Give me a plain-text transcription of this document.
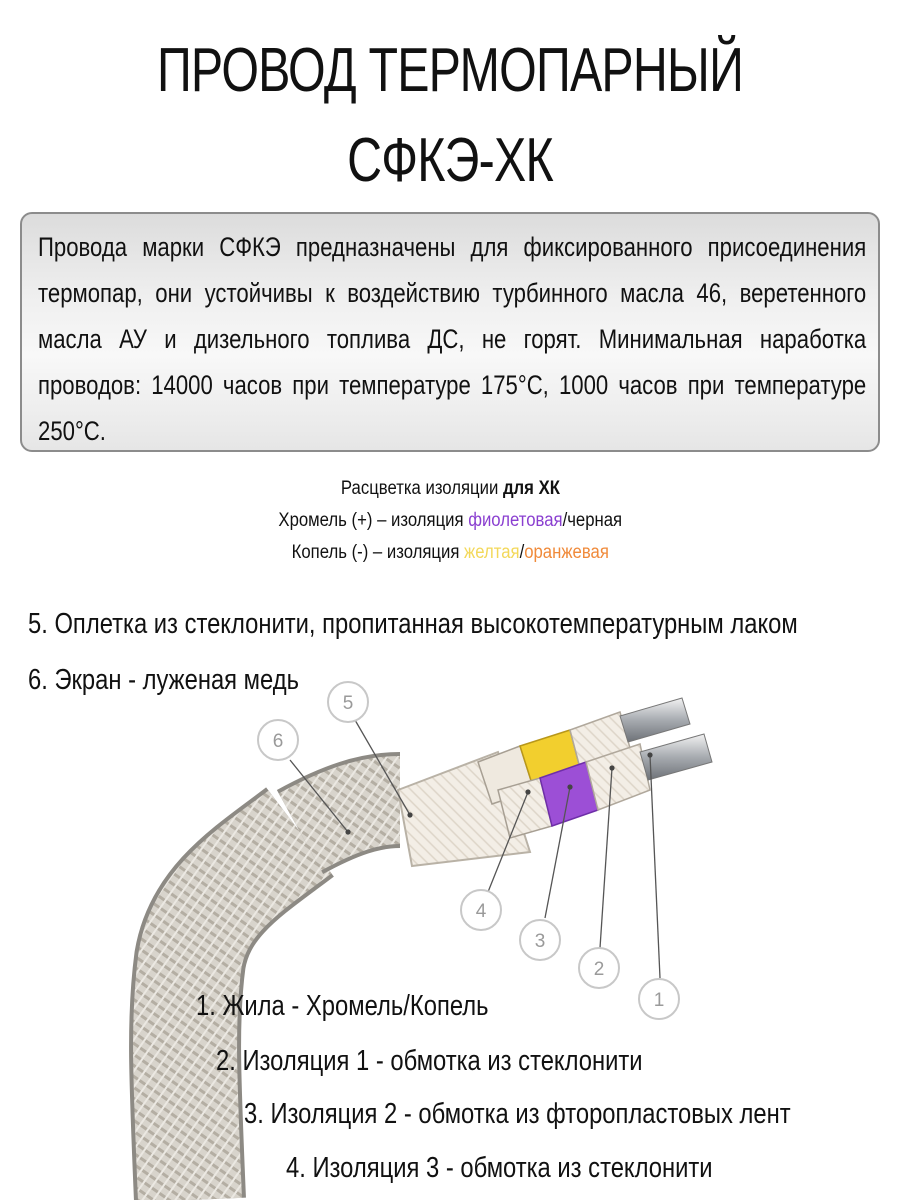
ПРОВОД ТЕРМОПАРНЫЙ
СФКЭ-ХК
Провода марки СФКЭ предназначены для фиксированного присоединения термопар, они устойчивы к воздействию турбинного масла 46, веретенного масла АУ и дизельного топлива ДС, не горят. Минимальная наработка проводов: 14000 часов при температуре 175°С, 1000 часов при температуре 250°С.
Расцветка изоляции для ХК
Хромель (+) – изоляция фиолетовая/черная
Копель (-) – изоляция желтая/оранжевая
6
5
4
3
2
1
5. Оплетка из стеклонити, пропитанная высокотемпературным лаком
6. Экран - луженая медь
1. Жила - Хромель/Копель
2. Изоляция 1 - обмотка из стеклонити
3. Изоляция 2 - обмотка из фторопластовых лент
4. Изоляция 3 - обмотка из стеклонити
